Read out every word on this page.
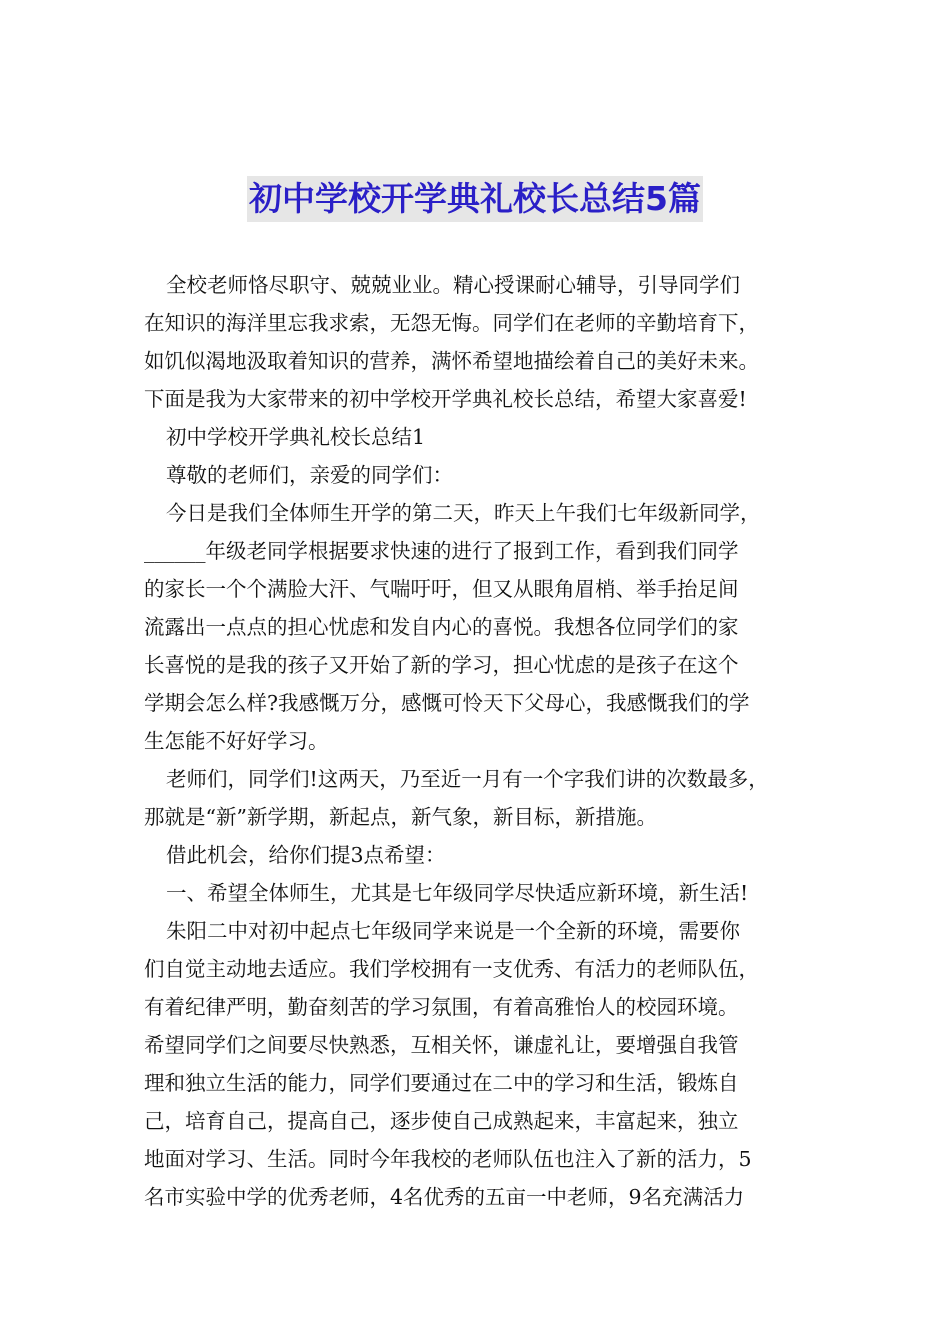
初中学校开学典礼校长总结5篇
全校老师恪尽职守、兢兢业业。精心授课耐心辅导，引导同学们
在知识的海洋里忘我求索，无怨无悔。同学们在老师的辛勤培育下，
如饥似渴地汲取着知识的营养，满怀希望地描绘着自己的美好未来。
下面是我为大家带来的初中学校开学典礼校长总结，希望大家喜爱!
初中学校开学典礼校长总结1
尊敬的老师们，亲爱的同学们：
今日是我们全体师生开学的第二天，昨天上午我们七年级新同学，
______年级老同学根据要求快速的进行了报到工作，看到我们同学
的家长一个个满脸大汗、气喘吁吁，但又从眼角眉梢、举手抬足间
流露出一点点的担心忧虑和发自内心的喜悦。我想各位同学们的家
长喜悦的是我的孩子又开始了新的学习，担心忧虑的是孩子在这个
学期会怎么样?我感慨万分，感慨可怜天下父母心，我感慨我们的学
生怎能不好好学习。
老师们，同学们!这两天，乃至近一月有一个字我们讲的次数最多，
那就是“新”新学期，新起点，新气象，新目标，新措施。
借此机会，给你们提3点希望：
一、希望全体师生，尤其是七年级同学尽快适应新环境，新生活!
朱阳二中对初中起点七年级同学来说是一个全新的环境，需要你
们自觉主动地去适应。我们学校拥有一支优秀、有活力的老师队伍，
有着纪律严明，勤奋刻苦的学习氛围，有着高雅怡人的校园环境。
希望同学们之间要尽快熟悉，互相关怀，谦虚礼让，要增强自我管
理和独立生活的能力，同学们要通过在二中的学习和生活，锻炼自
己，培育自己，提高自己，逐步使自己成熟起来，丰富起来，独立
地面对学习、生活。同时今年我校的老师队伍也注入了新的活力，5
名市实验中学的优秀老师，4名优秀的五亩一中老师，9名充满活力
